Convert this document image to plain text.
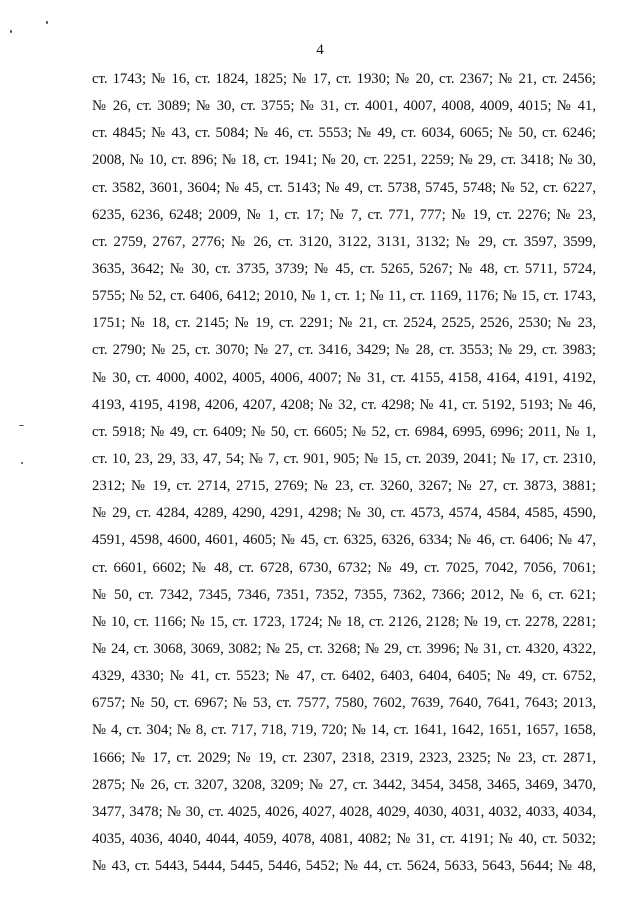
4
ст. 1743; № 16, ст. 1824, 1825; № 17, ст. 1930; № 20, ст. 2367; № 21, ст. 2456;
№ 26, ст. 3089; № 30, ст. 3755; № 31, ст. 4001, 4007, 4008, 4009, 4015; № 41,
ст. 4845; № 43, ст. 5084; № 46, ст. 5553; № 49, ст. 6034, 6065; № 50, ст. 6246;
2008, № 10, ст. 896; № 18, ст. 1941; № 20, ст. 2251, 2259; № 29, ст. 3418; № 30,
ст. 3582, 3601, 3604; № 45, ст. 5143; № 49, ст. 5738, 5745, 5748; № 52, ст. 6227,
6235, 6236, 6248; 2009, № 1, ст. 17; № 7, ст. 771, 777; № 19, ст. 2276; № 23,
ст. 2759, 2767, 2776; № 26, ст. 3120, 3122, 3131, 3132; № 29, ст. 3597, 3599,
3635, 3642; № 30, ст. 3735, 3739; № 45, ст. 5265, 5267; № 48, ст. 5711, 5724,
5755; № 52, ст. 6406, 6412; 2010, № 1, ст. 1; № 11, ст. 1169, 1176; № 15, ст. 1743,
1751; № 18, ст. 2145; № 19, ст. 2291; № 21, ст. 2524, 2525, 2526, 2530; № 23,
ст. 2790; № 25, ст. 3070; № 27, ст. 3416, 3429; № 28, ст. 3553; № 29, ст. 3983;
№ 30, ст. 4000, 4002, 4005, 4006, 4007; № 31, ст. 4155, 4158, 4164, 4191, 4192,
4193, 4195, 4198, 4206, 4207, 4208; № 32, ст. 4298; № 41, ст. 5192, 5193; № 46,
ст. 5918; № 49, ст. 6409; № 50, ст. 6605; № 52, ст. 6984, 6995, 6996; 2011, № 1,
ст. 10, 23, 29, 33, 47, 54; № 7, ст. 901, 905; № 15, ст. 2039, 2041; № 17, ст. 2310,
2312; № 19, ст. 2714, 2715, 2769; № 23, ст. 3260, 3267; № 27, ст. 3873, 3881;
№ 29, ст. 4284, 4289, 4290, 4291, 4298; № 30, ст. 4573, 4574, 4584, 4585, 4590,
4591, 4598, 4600, 4601, 4605; № 45, ст. 6325, 6326, 6334; № 46, ст. 6406; № 47,
ст. 6601, 6602; № 48, ст. 6728, 6730, 6732; № 49, ст. 7025, 7042, 7056, 7061;
№ 50, ст. 7342, 7345, 7346, 7351, 7352, 7355, 7362, 7366; 2012, № 6, ст. 621;
№ 10, ст. 1166; № 15, ст. 1723, 1724; № 18, ст. 2126, 2128; № 19, ст. 2278, 2281;
№ 24, ст. 3068, 3069, 3082; № 25, ст. 3268; № 29, ст. 3996; № 31, ст. 4320, 4322,
4329, 4330; № 41, ст. 5523; № 47, ст. 6402, 6403, 6404, 6405; № 49, ст. 6752,
6757; № 50, ст. 6967; № 53, ст. 7577, 7580, 7602, 7639, 7640, 7641, 7643; 2013,
№ 4, ст. 304; № 8, ст. 717, 718, 719, 720; № 14, ст. 1641, 1642, 1651, 1657, 1658,
1666; № 17, ст. 2029; № 19, ст. 2307, 2318, 2319, 2323, 2325; № 23, ст. 2871,
2875; № 26, ст. 3207, 3208, 3209; № 27, ст. 3442, 3454, 3458, 3465, 3469, 3470,
3477, 3478; № 30, ст. 4025, 4026, 4027, 4028, 4029, 4030, 4031, 4032, 4033, 4034,
4035, 4036, 4040, 4044, 4059, 4078, 4081, 4082; № 31, ст. 4191; № 40, ст. 5032;
№ 43, ст. 5443, 5444, 5445, 5446, 5452; № 44, ст. 5624, 5633, 5643, 5644; № 48,
